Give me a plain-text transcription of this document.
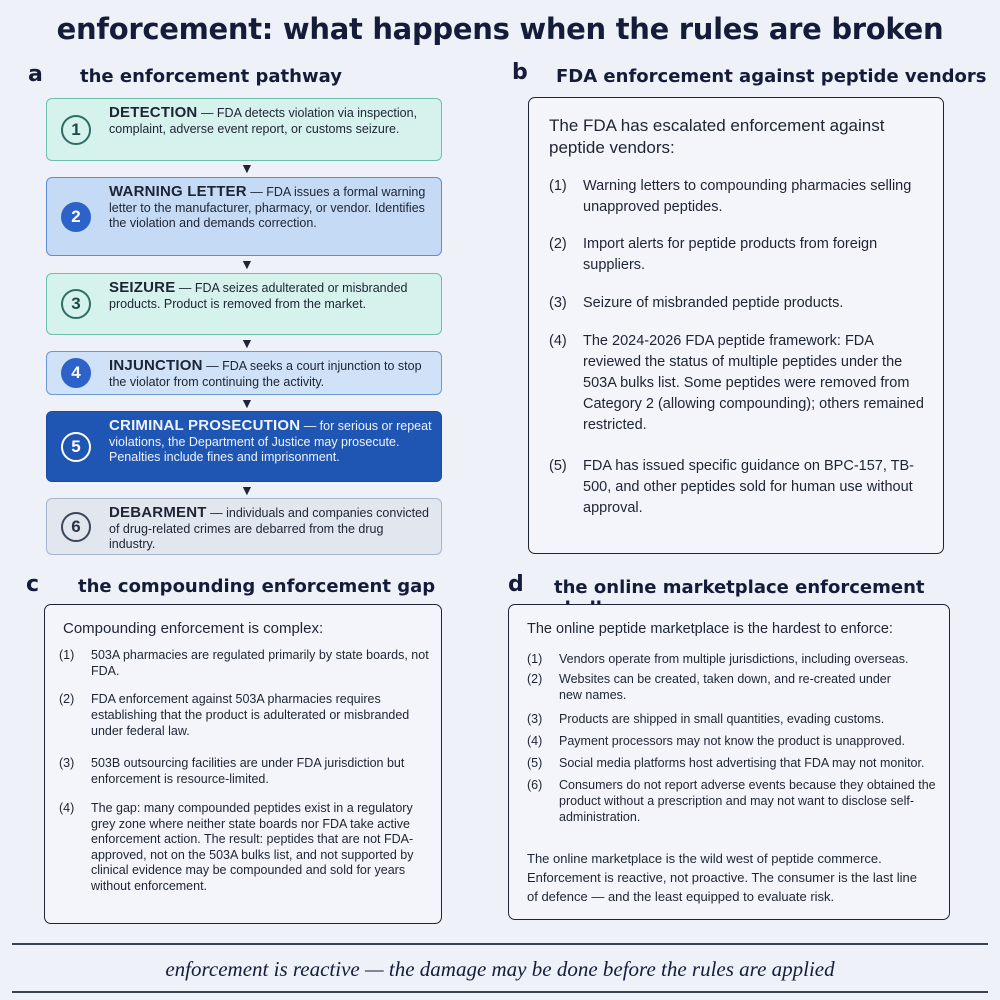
enforcement: what happens when the rules are broken
a the enforcement pathway
1
DETECTION — FDA detects violation via inspection, complaint, adverse event report, or customs seizure.
▼
2
WARNING LETTER — FDA issues a formal warning letter to the manufacturer, pharmacy, or vendor. Identifies the violation and demands correction.
▼
3
SEIZURE — FDA seizes adulterated or misbranded products. Product is removed from the market.
▼
4	INJUNCTION — FDA seeks a court injunction to stop the violator from continuing the activity.
▼
5
CRIMINAL PROSECUTION — for serious or repeat violations, the Department of Justice may prosecute. Penalties include fines and imprisonment.
▼
6
DEBARMENT — individuals and companies convicted of drug-related crimes are debarred from the drug industry.
b FDA enforcement against peptide vendors
The FDA has escalated enforcement against peptide vendors:
(1) Warning letters to compounding pharmacies selling unapproved peptides.
(2) Import alerts for peptide products from foreign suppliers.
(3) Seizure of misbranded peptide products.
(4) The 2024-2026 FDA peptide framework: FDA reviewed the status of multiple peptides under the 503A bulks list. Some peptides were removed from Category 2 (allowing compounding); others remained restricted.
(5) FDA has issued specific guidance on BPC-157, TB-500, and other peptides sold for human use without approval.
c the compounding enforcement gap
Compounding enforcement is complex:
(1) 503A pharmacies are regulated primarily by state boards, not FDA.
(2) FDA enforcement against 503A pharmacies requires establishing that the product is adulterated or misbranded under federal law.
(3) 503B outsourcing facilities are under FDA jurisdiction but enforcement is resource-limited.
(4) The gap: many compounded peptides exist in a regulatory grey zone where neither state boards nor FDA take active enforcement action. The result: peptides that are not FDA-approved, not on the 503A bulks list, and not supported by clinical evidence may be compounded and sold for years without enforcement.
d the online marketplace enforcement
The online peptide marketplace is the hardest to enforce:
(1) Vendors operate from multiple jurisdictions, including overseas.
(2) Websites can be created, taken down, and re-created under new names.
(3) Products are shipped in small quantities, evading customs.
(4) Payment processors may not know the product is unapproved.
(5) Social media platforms host advertising that FDA may not monitor.
(6) Consumers do not report adverse events because they obtained the product without a prescription and may not want to disclose self-administration.
The online marketplace is the wild west of peptide commerce. Enforcement is reactive, not proactive. The consumer is the last line of defence — and the least equipped to evaluate risk.
enforcement is reactive — the damage may be done before the rules are applied
